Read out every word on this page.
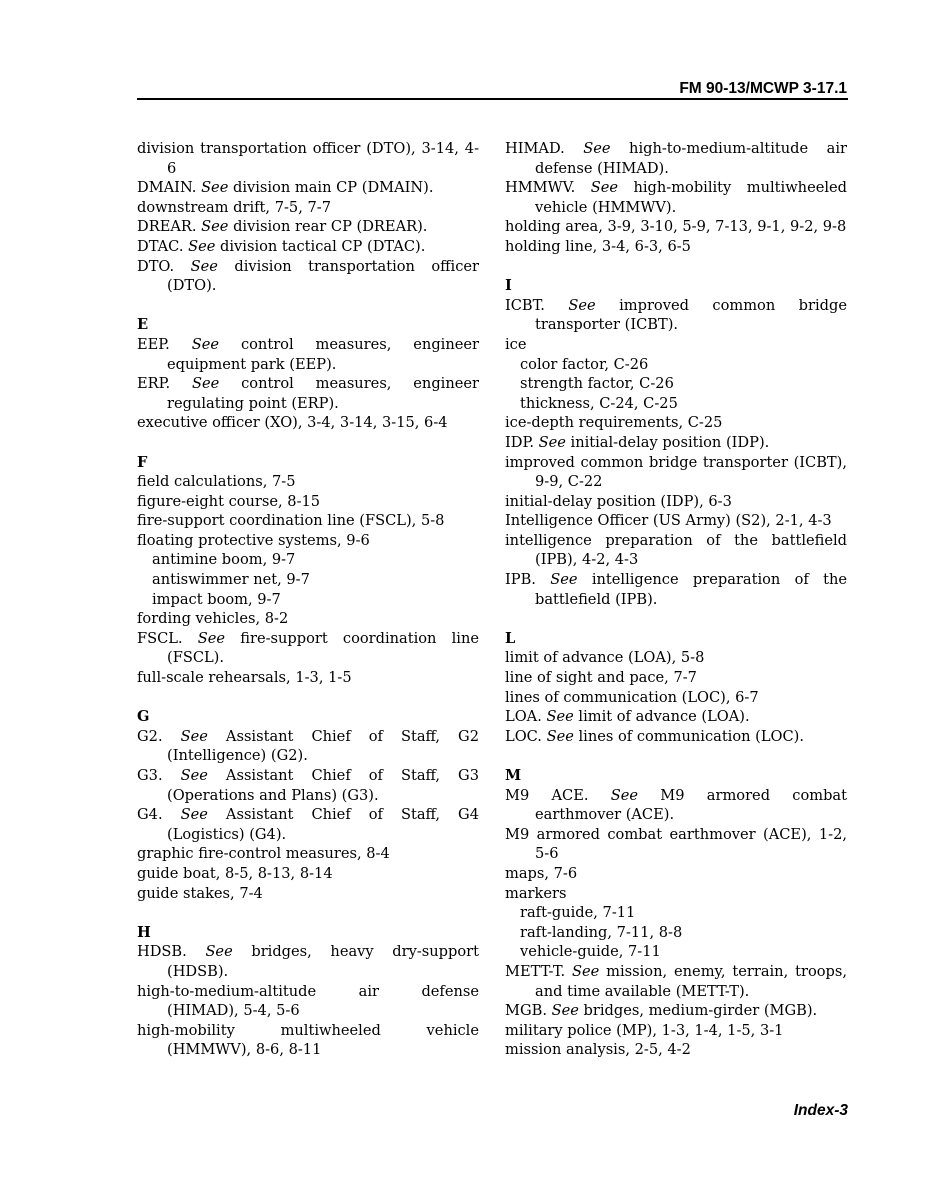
FM 90-13/MCWP 3-17.1
division transportation officer (DTO), 3-14, 4-6
DMAIN. See division main CP (DMAIN).
downstream drift, 7-5, 7-7
DREAR. See division rear CP (DREAR).
DTAC. See division tactical CP (DTAC).
DTO. See division transportation officer (DTO).
E
EEP. See control measures, engineer equipment park (EEP).
ERP. See control measures, engineer regulating point (ERP).
executive officer (XO), 3-4, 3-14, 3-15, 6-4
F
field calculations, 7-5
figure-eight course, 8-15
fire-support coordination line (FSCL), 5-8
floating protective systems, 9-6
antimine boom, 9-7
antiswimmer net, 9-7
impact boom, 9-7
fording vehicles, 8-2
FSCL. See fire-support coordination line (FSCL).
full-scale rehearsals, 1-3, 1-5
G
G2. See Assistant Chief of Staff, G2 (Intelligence) (G2).
G3. See Assistant Chief of Staff, G3 (Operations and Plans) (G3).
G4. See Assistant Chief of Staff, G4 (Logistics) (G4).
graphic fire-control measures, 8-4
guide boat, 8-5, 8-13, 8-14
guide stakes, 7-4
H
HDSB. See bridges, heavy dry-support (HDSB).
high-to-medium-altitude air defense (HIMAD), 5-4, 5-6
high-mobility multiwheeled vehicle (HMMWV), 8-6, 8-11
HIMAD. See high-to-medium-altitude air defense (HIMAD).
HMMWV. See high-mobility multiwheeled vehicle (HMMWV).
holding area, 3-9, 3-10, 5-9, 7-13, 9-1, 9-2, 9-8
holding line, 3-4, 6-3, 6-5
I
ICBT. See improved common bridge transporter (ICBT).
ice
color factor, C-26
strength factor, C-26
thickness, C-24, C-25
ice-depth requirements, C-25
IDP. See initial-delay position (IDP).
improved common bridge transporter (ICBT), 9-9, C-22
initial-delay position (IDP), 6-3
Intelligence Officer (US Army) (S2), 2-1, 4-3
intelligence preparation of the battlefield (IPB), 4-2, 4-3
IPB. See intelligence preparation of the battlefield (IPB).
L
limit of advance (LOA), 5-8
line of sight and pace, 7-7
lines of communication (LOC), 6-7
LOA. See limit of advance (LOA).
LOC. See lines of communication (LOC).
M
M9 ACE. See M9 armored combat earthmover (ACE).
M9 armored combat earthmover (ACE), 1-2, 5-6
maps, 7-6
markers
raft-guide, 7-11
raft-landing, 7-11, 8-8
vehicle-guide, 7-11
METT-T. See mission, enemy, terrain, troops, and time available (METT-T).
MGB. See bridges, medium-girder (MGB).
military police (MP), 1-3, 1-4, 1-5, 3-1
mission analysis, 2-5, 4-2
Index-3
